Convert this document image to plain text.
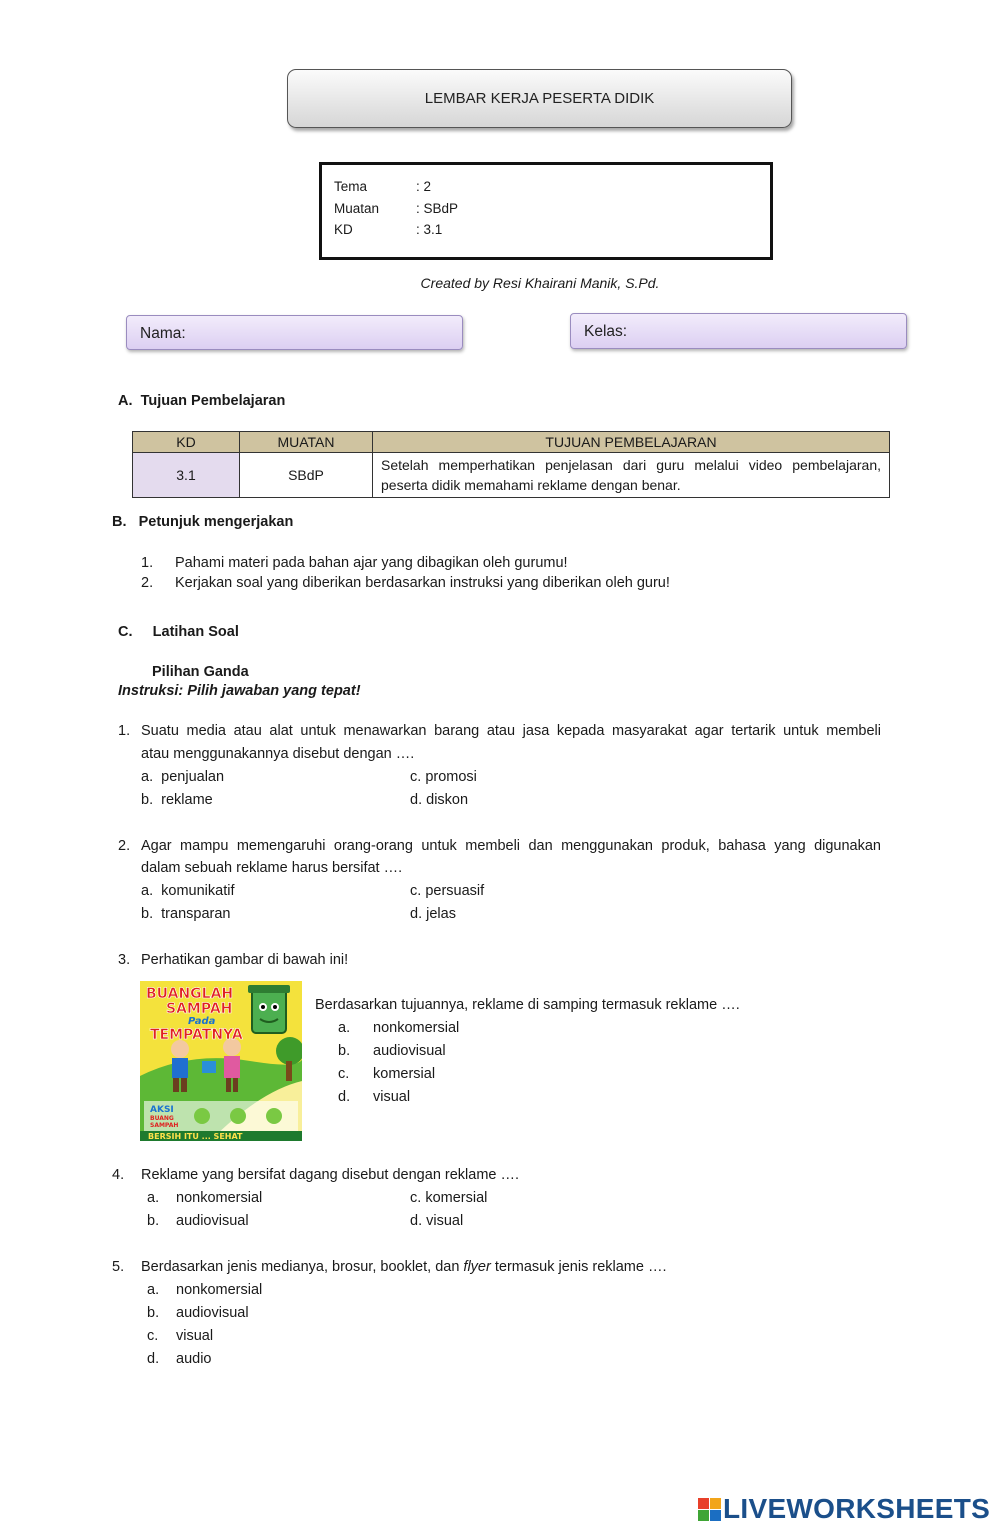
LEMBAR KERJA PESERTA DIDIK
Tema	: 2
Muatan	: SBdP
KD	: 3.1
Created by Resi Khairani Manik, S.Pd.
Nama:	Kelas:
A. Tujuan Pembelajaran
KD	MUATAN	TUJUAN PEMBELAJARAN
3.1	SBdP	Setelah memperhatikan penjelasan dari guru melalui video pembelajaran, peserta didik memahami reklame dengan benar.
B. Petunjuk mengerjakan
1. Pahami materi pada bahan ajar yang dibagikan oleh gurumu!
2. Kerjakan soal yang diberikan berdasarkan instruksi yang diberikan oleh guru!
C. Latihan Soal
Pilihan Ganda
Instruksi: Pilih jawaban yang tepat!
1. Suatu media atau alat untuk menawarkan barang atau jasa kepada masyarakat agar tertarik untuk membeli
atau menggunakannya disebut dengan ….
a. penjualan
b. reklame
c. promosi
d. diskon
2. Agar mampu memengaruhi orang-orang untuk membeli dan menggunakan produk, bahasa yang digunakan
dalam sebuah reklame harus bersifat ….
a. komunikatif
b. transparan
c. persuasif
d. jelas
3. Perhatikan gambar di bawah ini!
BUANGLAH
SAMPAH
Pada
TEMPATNYA
AKSI
BUANG
SAMPAH
BERSIH ITU ... SEHAT
Berdasarkan tujuannya, reklame di samping termasuk reklame ….
a. nonkomersial
b. audiovisual
c. komersial
d. visual
4. Reklame yang bersifat dagang disebut dengan reklame ….
a. nonkomersial
b. audiovisual
c. komersial
d. visual
5. Berdasarkan jenis medianya, brosur, booklet, dan flyer termasuk jenis reklame ….
a. nonkomersial
b. audiovisual
c. visual
d. audio
LIVEWORKSHEETS
